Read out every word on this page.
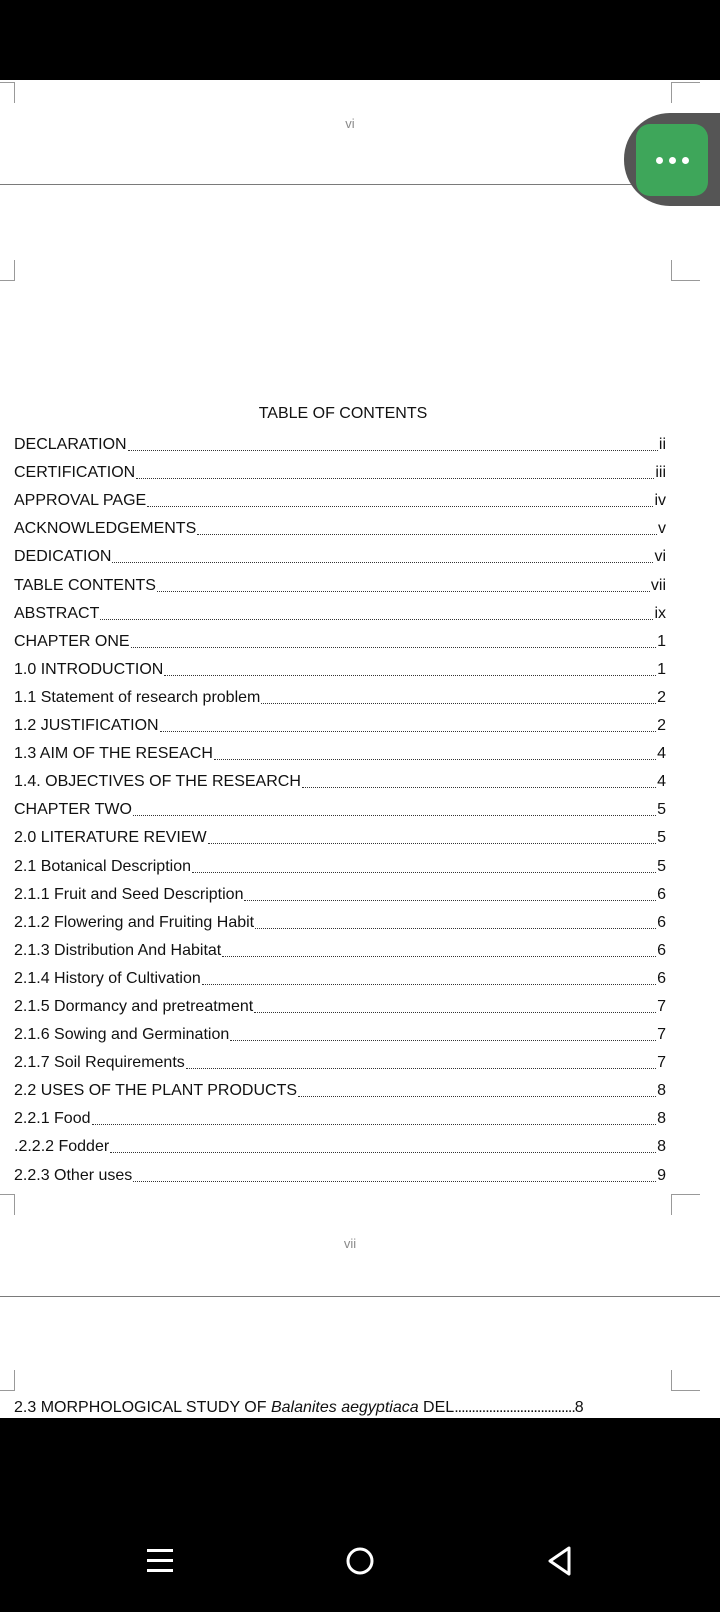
vi
TABLE OF CONTENTS
DECLARATION	ii
CERTIFICATION	iii
APPROVAL PAGE	iv
ACKNOWLEDGEMENTS	v
DEDICATION	vi
TABLE CONTENTS	vii
ABSTRACT	ix
CHAPTER ONE	1
1.0 INTRODUCTION	1
1.1 Statement of research problem	2
1.2 JUSTIFICATION	2
1.3 AIM OF THE RESEACH	4
1.4. OBJECTIVES OF THE RESEARCH	4
CHAPTER TWO	5
2.0 LITERATURE REVIEW	5
2.1 Botanical Description	5
2.1.1 Fruit and Seed Description	6
2.1.2 Flowering and Fruiting Habit	6
2.1.3 Distribution And Habitat	6
2.1.4 History of Cultivation	6
2.1.5 Dormancy and pretreatment	7
2.1.6 Sowing and Germination	7
2.1.7 Soil Requirements	7
2.2 USES OF THE PLANT PRODUCTS	8
2.2.1 Food	8
.2.2.2 Fodder	8
2.2.3 Other uses	9
vii
2.3 MORPHOLOGICAL STUDY OF Balanites aegyptiaca DEL...................................8
